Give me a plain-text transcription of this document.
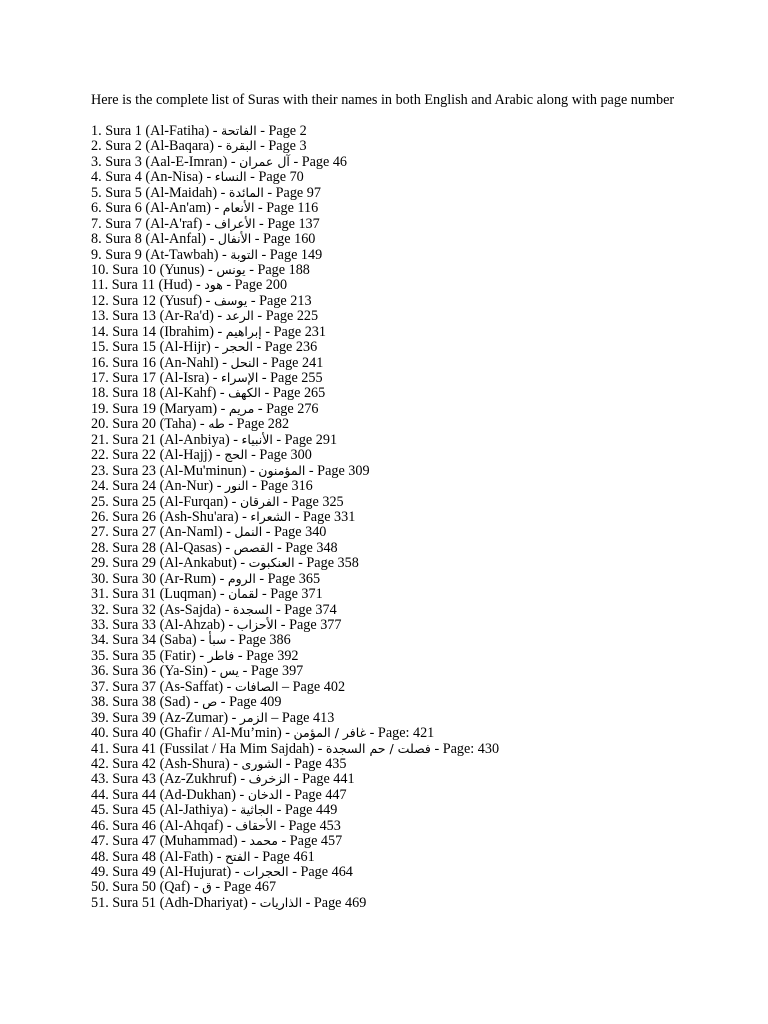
Here is the complete list of Suras with their names in both English and Arabic along with page number

1. Sura 1 (Al-Fatiha) - الفاتحة - Page 2
2. Sura 2 (Al-Baqara) - البقرة - Page 3
3. Sura 3 (Aal-E-Imran) - آل عمران - Page 46
4. Sura 4 (An-Nisa) - النساء - Page 70
5. Sura 5 (Al-Maidah) - المائدة - Page 97
6. Sura 6 (Al-An'am) - الأنعام - Page 116
7. Sura 7 (Al-A'raf) - الأعراف - Page 137
8. Sura 8 (Al-Anfal) - الأنفال - Page 160
9. Sura 9 (At-Tawbah) - التوبة - Page 149
10. Sura 10 (Yunus) - يونس - Page 188
11. Sura 11 (Hud) - هود - Page 200
12. Sura 12 (Yusuf) - يوسف - Page 213
13. Sura 13 (Ar-Ra'd) - الرعد - Page 225
14. Sura 14 (Ibrahim) - إبراهيم - Page 231
15. Sura 15 (Al-Hijr) - الحجر - Page 236
16. Sura 16 (An-Nahl) - النحل - Page 241
17. Sura 17 (Al-Isra) - الإسراء - Page 255
18. Sura 18 (Al-Kahf) - الكهف - Page 265
19. Sura 19 (Maryam) - مريم - Page 276
20. Sura 20 (Taha) - طه - Page 282
21. Sura 21 (Al-Anbiya) - الأنبياء - Page 291
22. Sura 22 (Al-Hajj) - الحج - Page 300
23. Sura 23 (Al-Mu'minun) - المؤمنون - Page 309
24. Sura 24 (An-Nur) - النور - Page 316
25. Sura 25 (Al-Furqan) - الفرقان - Page 325
26. Sura 26 (Ash-Shu'ara) - الشعراء - Page 331
27. Sura 27 (An-Naml) - النمل - Page 340
28. Sura 28 (Al-Qasas) - القصص - Page 348
29. Sura 29 (Al-Ankabut) - العنكبوت - Page 358
30. Sura 30 (Ar-Rum) - الروم - Page 365
31. Sura 31 (Luqman) - لقمان - Page 371
32. Sura 32 (As-Sajda) - السجدة - Page 374
33. Sura 33 (Al-Ahzab) - الأحزاب - Page 377
34. Sura 34 (Saba) - سبأ - Page 386
35. Sura 35 (Fatir) - فاطر - Page 392
36. Sura 36 (Ya-Sin) - يس - Page 397
37. Sura 37 (As-Saffat) - الصافات – Page 402
38. Sura 38 (Sad) - ص - Page 409
39. Sura 39 (Az-Zumar) - الزمر – Page 413
40. Sura 40 (Ghafir / Al-Mu’min) - غافر / المؤمن - Page: 421
41. Sura 41 (Fussilat / Ha Mim Sajdah) - فصلت / حم السجدة - Page: 430
42. Sura 42 (Ash-Shura) - الشورى - Page 435
43. Sura 43 (Az-Zukhruf) - الزخرف - Page 441
44. Sura 44 (Ad-Dukhan) - الدخان - Page 447
45. Sura 45 (Al-Jathiya) - الجاثية - Page 449
46. Sura 46 (Al-Ahqaf) - الأحقاف - Page 453
47. Sura 47 (Muhammad) - محمد - Page 457
48. Sura 48 (Al-Fath) - الفتح - Page 461
49. Sura 49 (Al-Hujurat) - الحجرات - Page 464
50. Sura 50 (Qaf) - ق - Page 467
51. Sura 51 (Adh-Dhariyat) - الذاريات - Page 469
